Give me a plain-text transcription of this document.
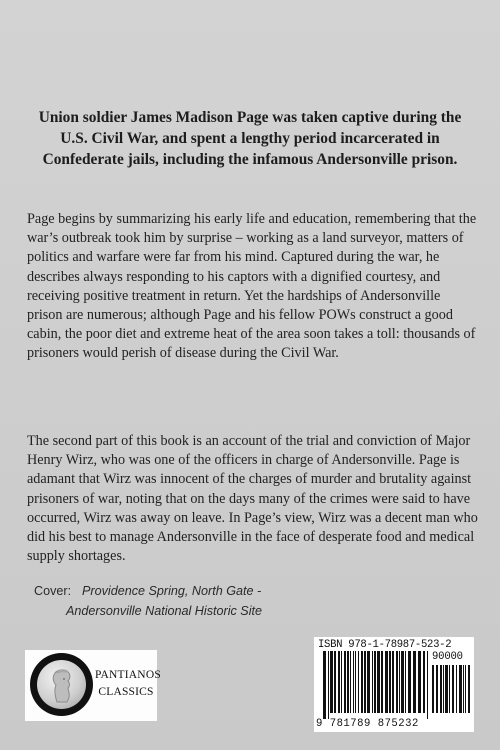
Union soldier James Madison Page was taken captive during the U.S. Civil War, and spent a lengthy period incarcerated in Confederate jails, including the infamous Andersonville prison.

Page begins by summarizing his early life and education, remembering that the war’s outbreak took him by surprise – working as a land surveyor, matters of politics and warfare were far from his mind. Captured during the war, he describes always responding to his captors with a dignified courtesy, and receiving positive treatment in return. Yet the hardships of Andersonville prison are numerous; although Page and his fellow POWs construct a good cabin, the poor diet and extreme heat of the area soon takes a toll: thousands of prisoners would perish of disease during the Civil War.

The second part of this book is an account of the trial and conviction of Major Henry Wirz, who was one of the officers in charge of Andersonville. Page is adamant that Wirz was innocent of the charges of murder and brutality against prisoners of war, noting that on the days many of the crimes were said to have occurred, Wirz was away on leave. In Page’s view, Wirz was a decent man who did his best to manage Andersonville in the face of desperate food and medical supply shortages.

Cover: Providence Spring, North Gate -
Andersonville National Historic Site
PANTIANOS
CLASSICS
ISBN 978-1-78987-523-2
90000
9 781789 875232
